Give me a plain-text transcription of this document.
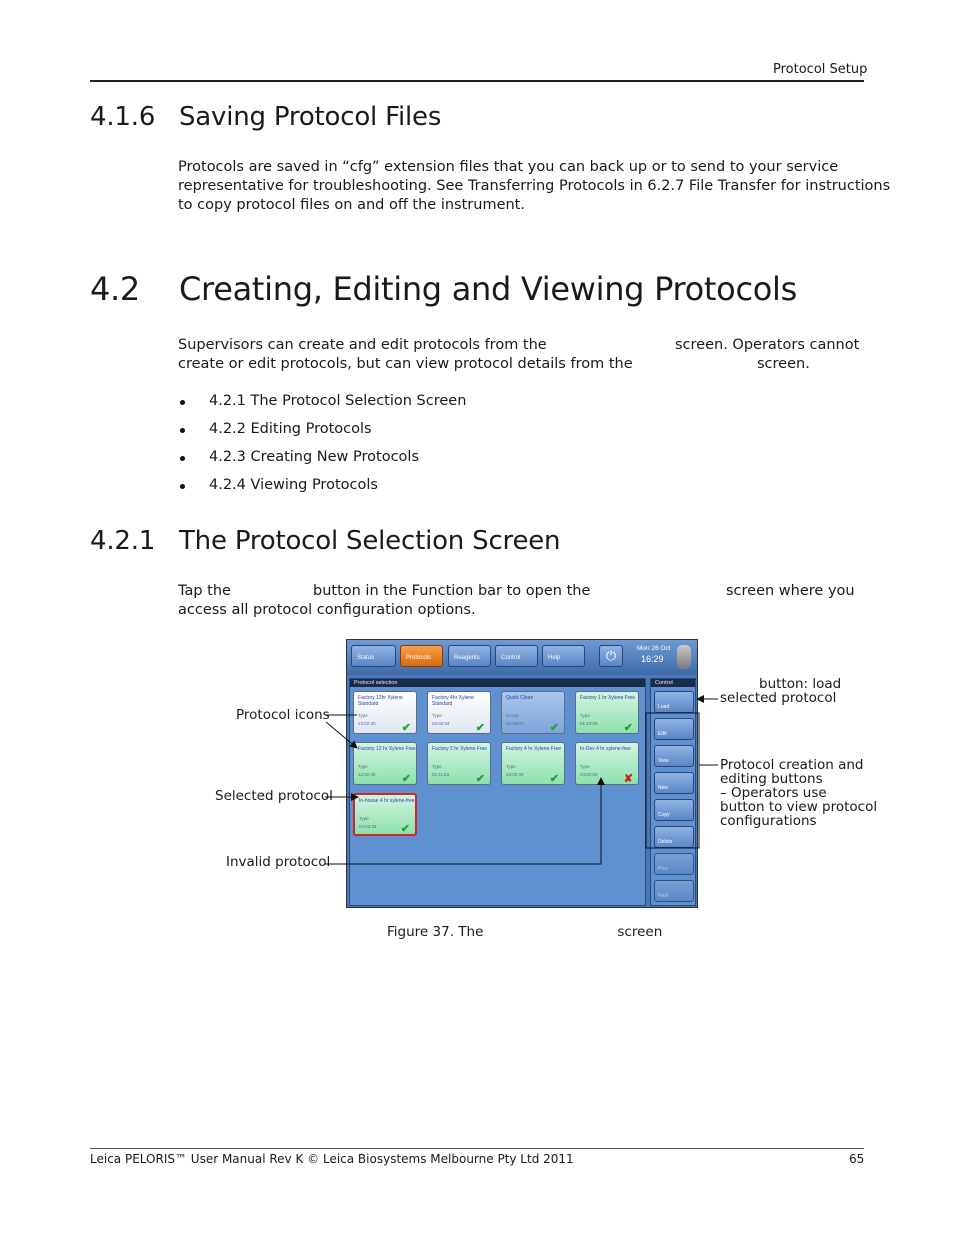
Protocol Setup
4.1.6 Saving Protocol Files
Protocols are saved in “cfg” extension files that you can back up or to send to your service
representative for troubleshooting. See Transferring Protocols in 6.2.7 File Transfer for instructions
to copy protocol files on and off the instrument.
4.2 Creating, Editing and Viewing Protocols
Supervisors can create and edit protocols from the	screen. Operators cannot
create or edit protocols, but can view protocol details from the	screen.
4.2.1 The Protocol Selection Screen
4.2.2 Editing Protocols
4.2.3 Creating New Protocols
4.2.4 Viewing Protocols
4.2.1 The Protocol Selection Screen
Tap the	button in the Function bar to open the	screen where you
access all protocol configuration options.
Status	Protocols	Reagents	Control	Help	⏻	Mon 26 Oct
16:29
Protocol selection
Factory 12hr Xylene Standard
Type
12:02:30 ✔
Factory 4hr Xylene Standard
Type
04:02:34 ✔
Quick Clean
Group
01:18:03 ✔
Factory 1 hr Xylene Free
Type
01:10:06 ✔
Factory 12 hr Xylene Free
Type
12:02:35 ✔
Factory 2 hr Xylene Free
Type
02:11:53 ✔
Factory 4 hr Xylene Free
Type
04:02:08 ✔
In-Dev 4 hr xylene-free
Type
04:02:00 ✘
In-house 4 hr xylene-free
Type
04:02:34 ✔
Control
Load
Edit
View
New
Copy
Delete
Prev
Next
Protocol icons
Selected protocol
Invalid protocol
button: load
selected protocol
Protocol creation and
editing buttons
– Operators use
button to view protocol
configurations
Figure 37. The	screen
Leica PELORIS™ User Manual Rev K © Leica Biosystems Melbourne Pty Ltd 2011	65
